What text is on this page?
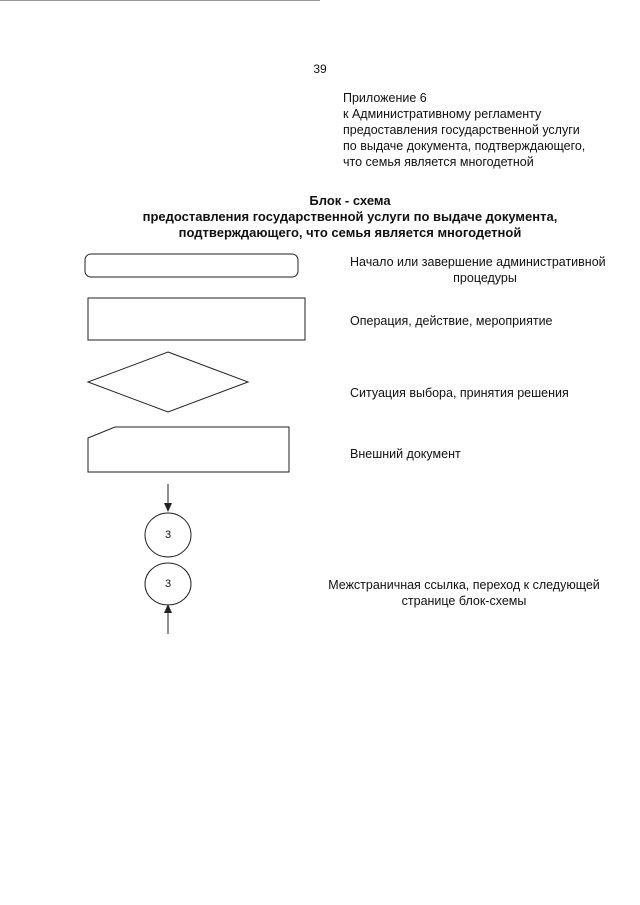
39
Приложение 6
к Административному регламенту
предоставления государственной услуги
по выдаче документа, подтверждающего,
что семья является многодетной
Блок - схема
предоставления государственной услуги по выдаче документа,
подтверждающего, что семья является многодетной
3
3
Начало или завершение административной
процедуры
Операция, действие, мероприятие
Ситуация выбора, принятия решения
Внешний документ
Межстраничная ссылка, переход к следующей
странице блок-схемы
